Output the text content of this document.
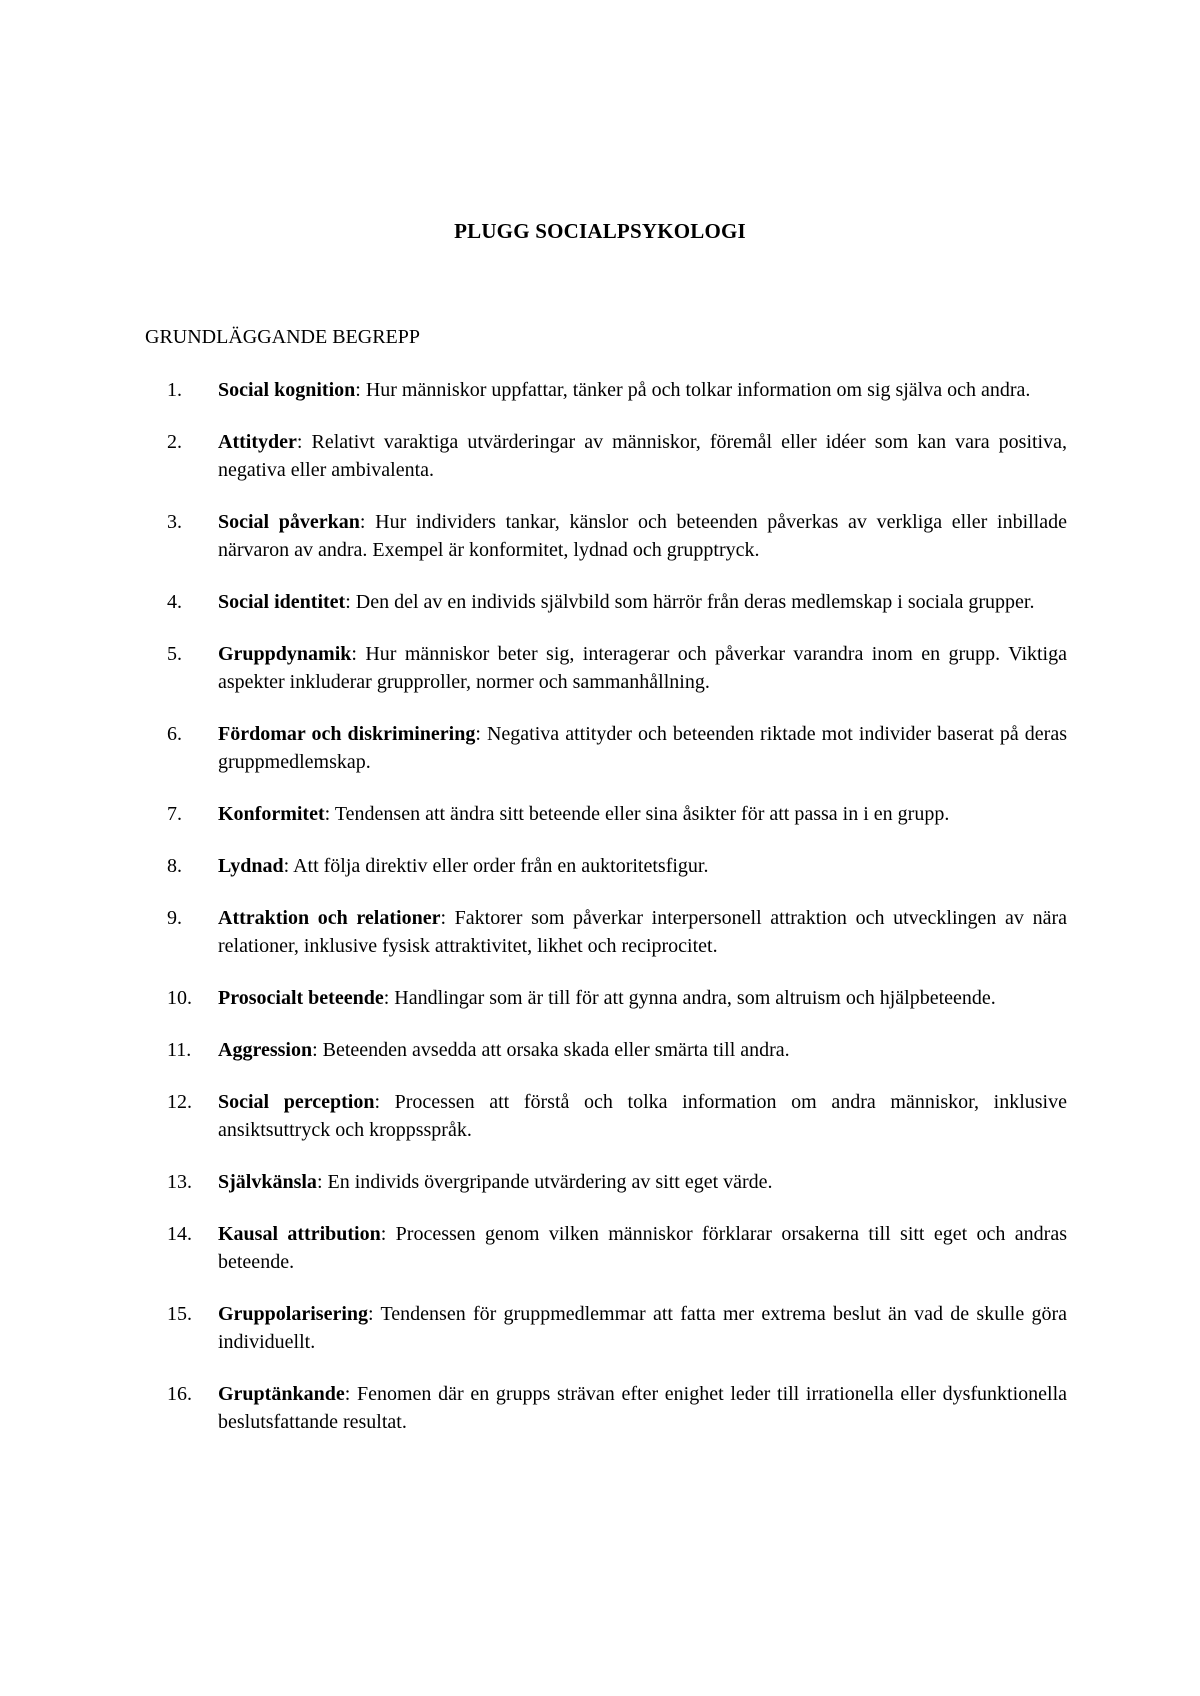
PLUGG SOCIALPSYKOLOGI
GRUNDLÄGGANDE BEGREPP
1.	Social kognition: Hur människor uppfattar, tänker på och tolkar information om sig själva och andra.
2.	Attityder: Relativt varaktiga utvärderingar av människor, föremål eller idéer som kan vara positiva, negativa eller ambivalenta.
3.	Social påverkan: Hur individers tankar, känslor och beteenden påverkas av verkliga eller inbillade närvaron av andra. Exempel är konformitet, lydnad och grupptryck.
4.	Social identitet: Den del av en individs självbild som härrör från deras medlemskap i sociala grupper.
5.	Gruppdynamik: Hur människor beter sig, interagerar och påverkar varandra inom en grupp. Viktiga aspekter inkluderar grupproller, normer och sammanhållning.
6.	Fördomar och diskriminering: Negativa attityder och beteenden riktade mot individer baserat på deras gruppmedlemskap.
7.	Konformitet: Tendensen att ändra sitt beteende eller sina åsikter för att passa in i en grupp.
8.	Lydnad: Att följa direktiv eller order från en auktoritetsfigur.
9.	Attraktion och relationer: Faktorer som påverkar interpersonell attraktion och utvecklingen av nära relationer, inklusive fysisk attraktivitet, likhet och reciprocitet.
10.	Prosocialt beteende: Handlingar som är till för att gynna andra, som altruism och hjälpbeteende.
11.	Aggression: Beteenden avsedda att orsaka skada eller smärta till andra.
12.	Social perception: Processen att förstå och tolka information om andra människor, inklusive ansiktsuttryck och kroppsspråk.
13.	Självkänsla: En individs övergripande utvärdering av sitt eget värde.
14.	Kausal attribution: Processen genom vilken människor förklarar orsakerna till sitt eget och andras beteende.
15.	Gruppolarisering: Tendensen för gruppmedlemmar att fatta mer extrema beslut än vad de skulle göra individuellt.
16.	Gruptänkande: Fenomen där en grupps strävan efter enighet leder till irrationella eller dysfunktionella beslutsfattande resultat.
